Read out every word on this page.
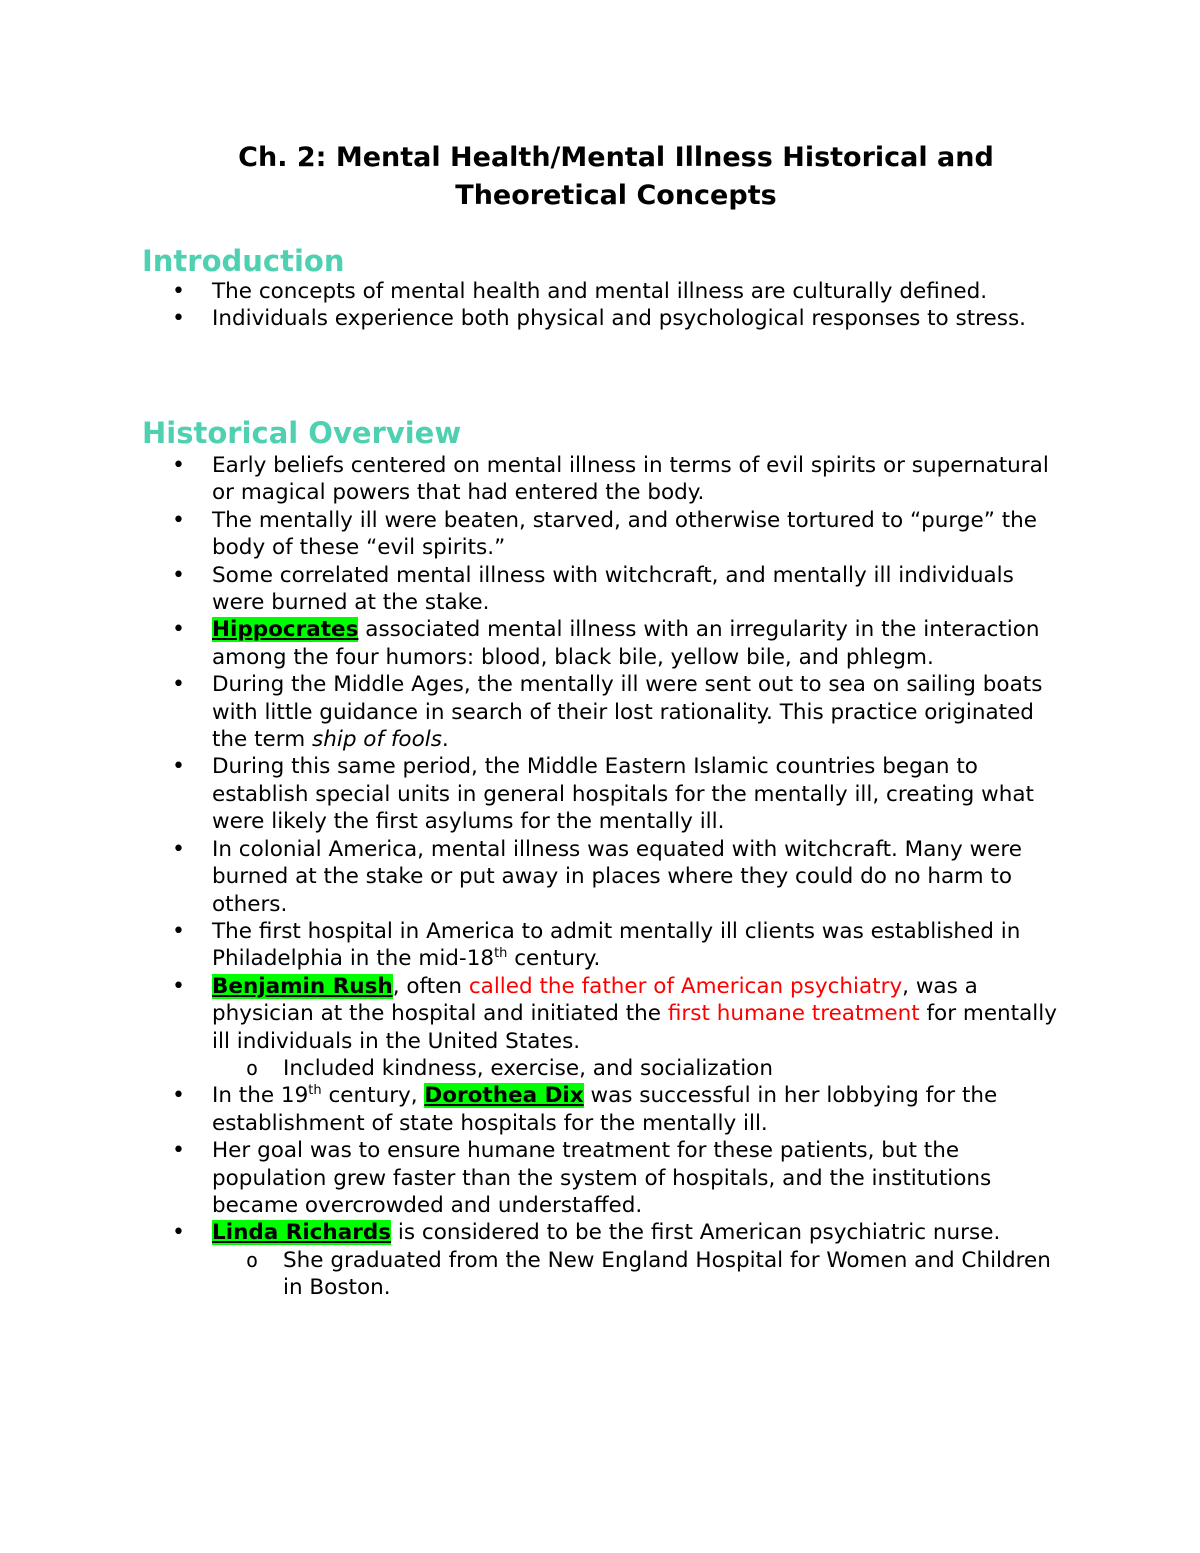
Ch. 2: Mental Health/Mental Illness Historical and
Theoretical Concepts
Introduction
• The concepts of mental health and mental illness are culturally defined.
• Individuals experience both physical and psychological responses to stress.
Historical Overview
• Early beliefs centered on mental illness in terms of evil spirits or supernatural or magical powers that had entered the body.
• The mentally ill were beaten, starved, and otherwise tortured to “purge” the body of these “evil spirits.”
• Some correlated mental illness with witchcraft, and mentally ill individuals were burned at the stake.
• Hippocrates associated mental illness with an irregularity in the interaction among the four humors: blood, black bile, yellow bile, and phlegm.
• During the Middle Ages, the mentally ill were sent out to sea on sailing boats with little guidance in search of their lost rationality. This practice originated the term ship of fools.
• During this same period, the Middle Eastern Islamic countries began to establish special units in general hospitals for the mentally ill, creating what were likely the first asylums for the mentally ill.
• In colonial America, mental illness was equated with witchcraft. Many were burned at the stake or put away in places where they could do no harm to others.
• The first hospital in America to admit mentally ill clients was established in Philadelphia in the mid-18th century.
• Benjamin Rush, often called the father of American psychiatry, was a physician at the hospital and initiated the first humane treatment for mentally ill individuals in the United States.
o Included kindness, exercise, and socialization
• In the 19th century, Dorothea Dix was successful in her lobbying for the establishment of state hospitals for the mentally ill.
• Her goal was to ensure humane treatment for these patients, but the population grew faster than the system of hospitals, and the institutions became overcrowded and understaffed.
• Linda Richards is considered to be the first American psychiatric nurse.
o She graduated from the New England Hospital for Women and Children in Boston.
